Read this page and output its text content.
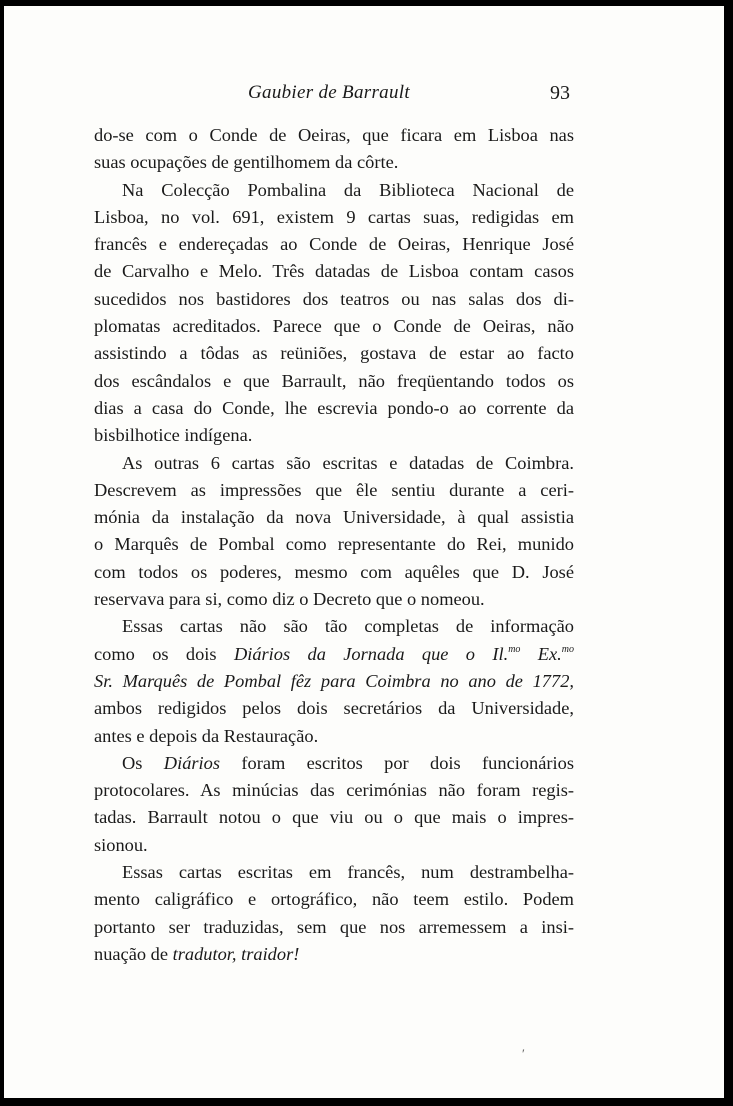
Gaubier de Barrault	93
do-se com o Conde de Oeiras, que ficara em Lisboa nas
suas ocupações de gentilhomem da côrte.
Na Colecção Pombalina da Biblioteca Nacional de
Lisboa, no vol. 691, existem 9 cartas suas, redigidas em
francês e endereçadas ao Conde de Oeiras, Henrique José
de Carvalho e Melo. Três datadas de Lisboa contam casos
sucedidos nos bastidores dos teatros ou nas salas dos di-
plomatas acreditados. Parece que o Conde de Oeiras, não
assistindo a tôdas as reüniões, gostava de estar ao facto
dos escândalos e que Barrault, não freqüentando todos os
dias a casa do Conde, lhe escrevia pondo-o ao corrente da
bisbilhotice indígena.
As outras 6 cartas são escritas e datadas de Coimbra.
Descrevem as impressões que êle sentiu durante a ceri-
mónia da instalação da nova Universidade, à qual assistia
o Marquês de Pombal como representante do Rei, munido
com todos os poderes, mesmo com aquêles que D. José
reservava para si, como diz o Decreto que o nomeou.
Essas cartas não são tão completas de informação
como os dois Diários da Jornada que o Il.$^{mo}$ Ex.$^{mo}$
Sr. Marquês de Pombal fêz para Coimbra no ano de 1772,
ambos redigidos pelos dois secretários da Universidade,
antes e depois da Restauração.
Os Diários foram escritos por dois funcionários
protocolares. As minúcias das cerimónias não foram regis-
tadas. Barrault notou o que viu ou o que mais o impres-
sionou.
Essas cartas escritas em francês, num destrambelha-
mento caligráfico e ortográfico, não teem estilo. Podem
portanto ser traduzidas, sem que nos arremessem a insi-
nuação de tradutor, traidor!
′
